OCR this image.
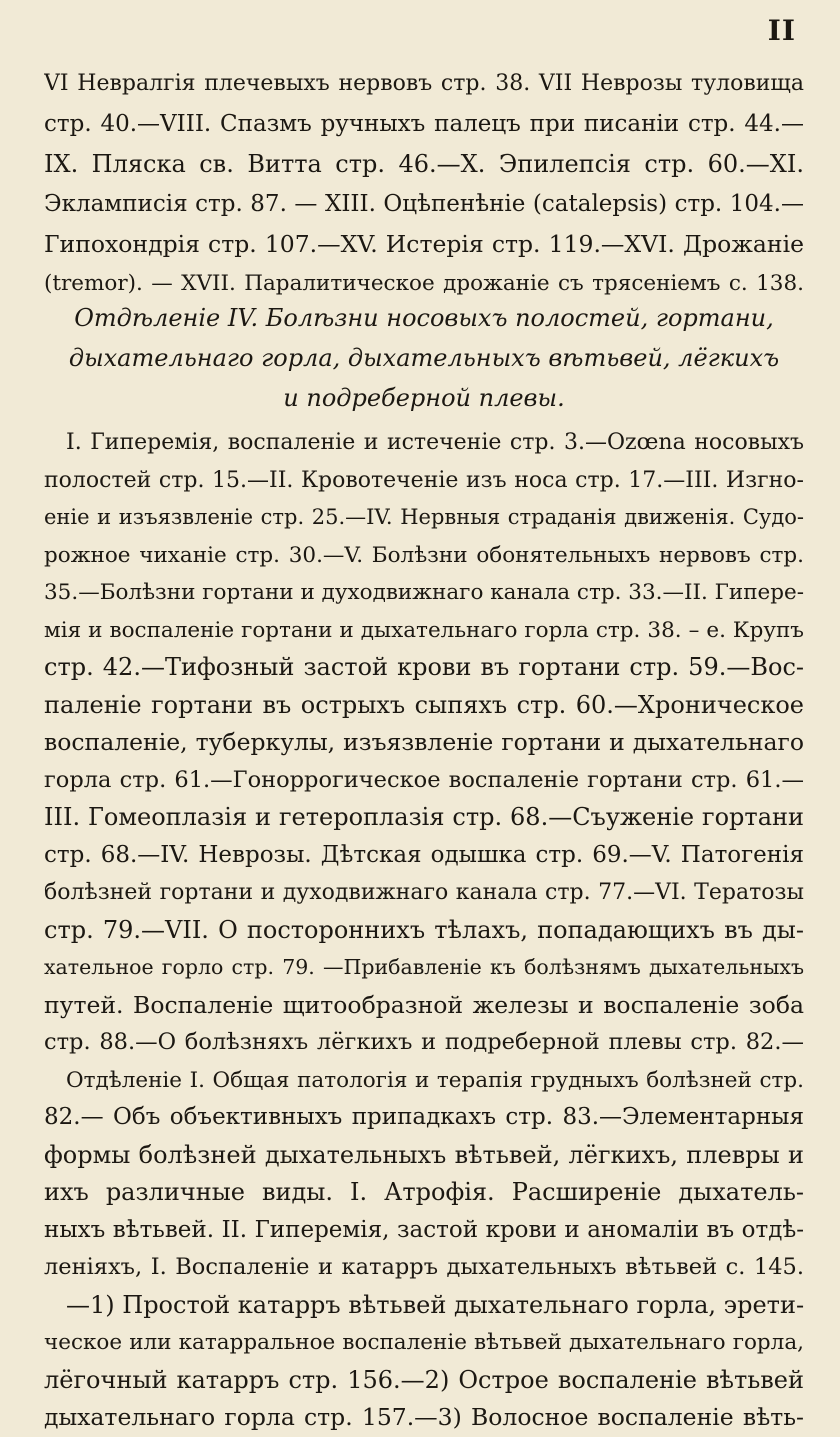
II
VI Невралгія плечевыхъ нервовъ стр. 38. VII Неврозы туловища
стр. 40.—VIII. Спазмъ ручныхъ палецъ при писаніи стр. 44.—
IX. Пляска св. Витта стр. 46.—X. Эпилепсія стр. 60.—XI.
Экламписія стр. 87. — XIII. Оцѣпенѣніе (catalepsis) стр. 104.—
Гипохондрія стр. 107.—XV. Истерія стр. 119.—XVI. Дрожаніе
(tremor). — XVII. Паралитическое дрожаніе съ трясеніемъ с. 138.
Отдѣленіе IV. Болѣзни носовыхъ полостей, гортани,
дыхательнаго горла, дыхательныхъ вѣтьвей, лёгкихъ
и подреберной плевы.
I. Гиперемія, воспаленіе и истеченіе стр. 3.—Ozœna носовыхъ
полостей стр. 15.—II. Кровотеченіе изъ носа стр. 17.—III. Изгно-
еніе и изъязвленіе стр. 25.—IV. Нервныя страданія движенія. Судо-
рожное чиханіе стр. 30.—V. Болѣзни обонятельныхъ нервовъ стр.
35.—Болѣзни гортани и духодвижнаго канала стр. 33.—II. Гипере-
мія и воспаленіе гортани и дыхательнаго горла стр. 38. – е. Крупъ
стр. 42.—Тифозный застой крови въ гортани стр. 59.—Вос-
паленіе гортани въ острыхъ сыпяхъ стр. 60.—Хроническое
воспаленіе, туберкулы, изъязвленіе гортани и дыхательнаго
горла стр. 61.—Гоноррогическое воспаленіе гортани стр. 61.—
III. Гомеоплазія и гетероплазія стр. 68.—Съуженіе гортани
стр. 68.—IV. Неврозы. Дѣтская одышка стр. 69.—V. Патогенія
болѣзней гортани и духодвижнаго канала стр. 77.—VI. Тератозы
стр. 79.—VII. О постороннихъ тѣлахъ, попадающихъ въ ды-
хательное горло стр. 79. —Прибавленіе къ болѣзнямъ дыхательныхъ
путей. Воспаленіе щитообразной железы и воспаленіе зоба
стр. 88.—О болѣзняхъ лёгкихъ и подреберной плевы стр. 82.—
Отдѣленіе I. Общая патологія и терапія грудныхъ болѣзней стр.
82.— Объ объективныхъ припадкахъ стр. 83.—Элементарныя
формы болѣзней дыхательныхъ вѣтьвей, лёгкихъ, плевры и
ихъ различные виды. I. Атрофія. Расширеніе дыхатель-
ныхъ вѣтьвей. II. Гиперемія, застой крови и аномаліи въ отдѣ-
леніяхъ, I. Воспаленіе и катарръ дыхательныхъ вѣтьвей с. 145.
—1) Простой катарръ вѣтьвей дыхательнаго горла, эрети-
ческое или катарральное воспаленіе вѣтьвей дыхательнаго горла,
лёгочный катарръ стр. 156.—2) Острое воспаленіе вѣтьвей
дыхательнаго горла стр. 157.—3) Волосное воспаленіе вѣть-
